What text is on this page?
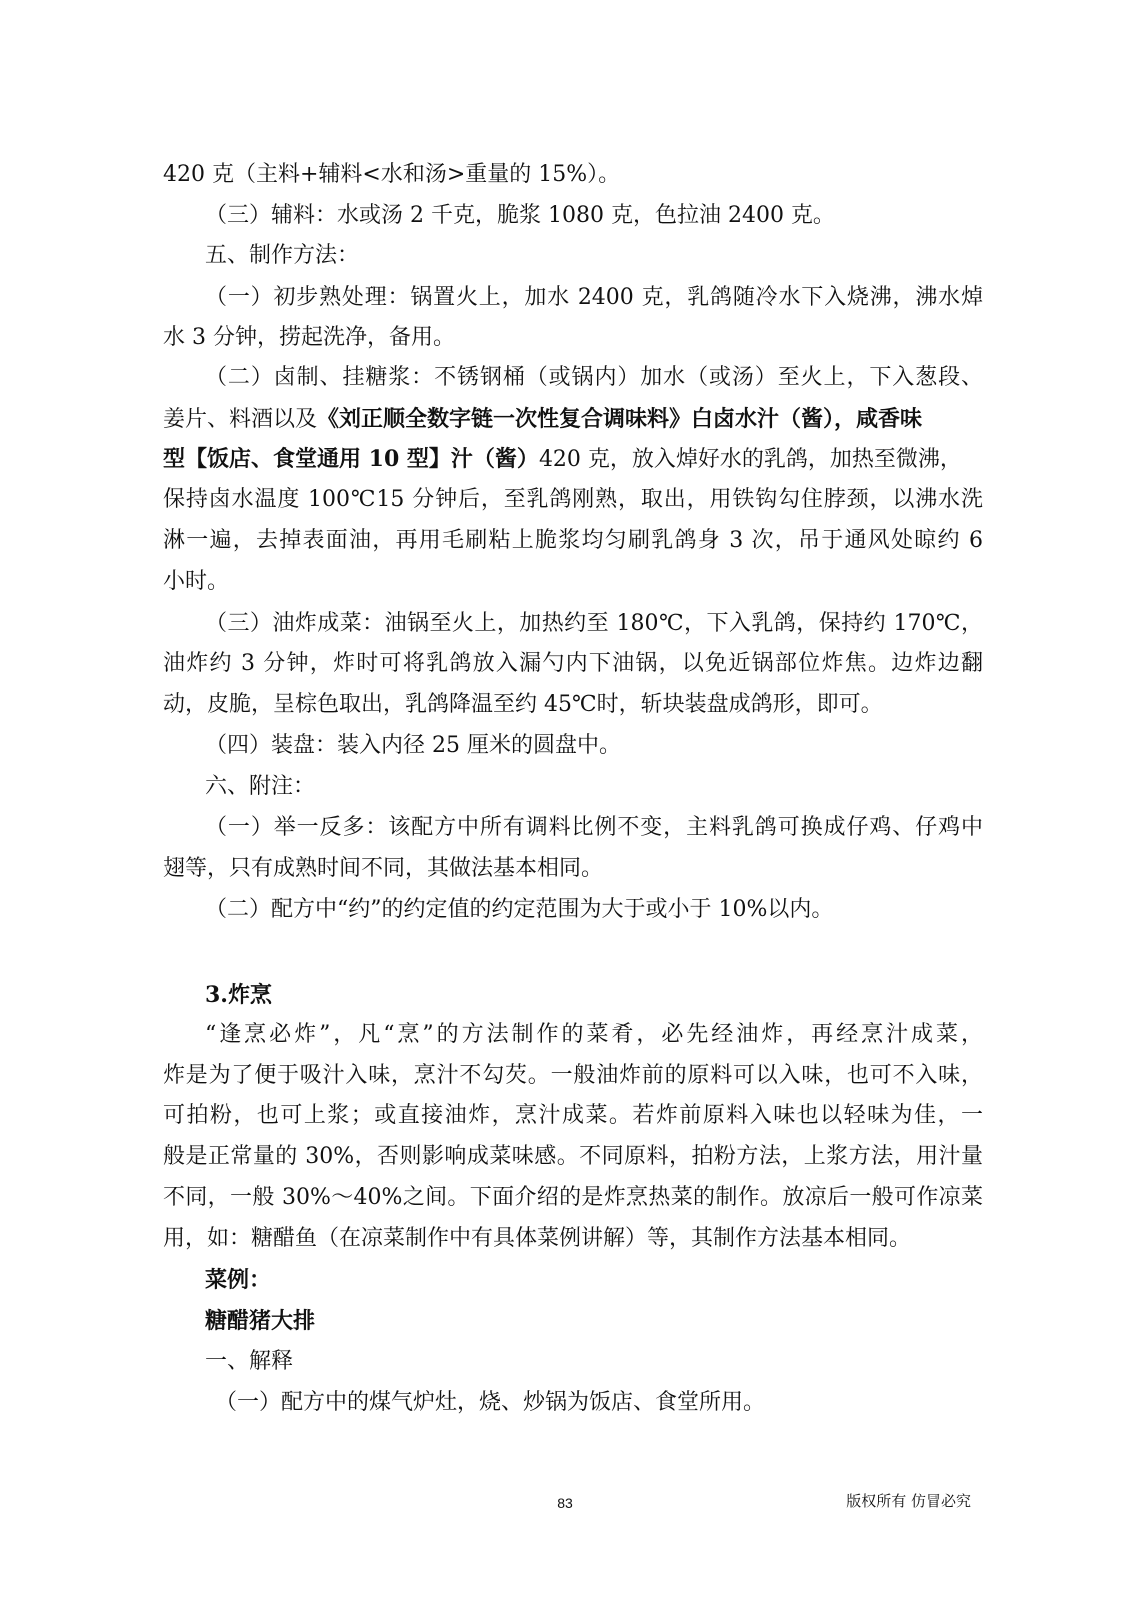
420 克（主料+辅料<水和汤>重量的 15%）。
（三）辅料：水或汤 2 千克，脆浆 1080 克，色拉油 2400 克。
五、制作方法：
（一）初步熟处理：锅置火上，加水 2400 克，乳鸽随冷水下入烧沸，沸水焯
水 3 分钟，捞起洗净，备用。
（二）卤制、挂糖浆：不锈钢桶（或锅内）加水（或汤）至火上，下入葱段、
姜片、料酒以及《刘正顺全数字链一次性复合调味料》白卤水汁（酱），咸香味
型【饭店、食堂通用 10 型】汁（酱）420 克，放入焯好水的乳鸽，加热至微沸，
保持卤水温度 100℃15 分钟后，至乳鸽刚熟，取出，用铁钩勾住脖颈，以沸水洗
淋一遍，去掉表面油，再用毛刷粘上脆浆均匀刷乳鸽身 3 次，吊于通风处晾约 6
小时。
（三）油炸成菜：油锅至火上，加热约至 180℃，下入乳鸽，保持约 170℃，
油炸约 3 分钟，炸时可将乳鸽放入漏勺内下油锅，以免近锅部位炸焦。边炸边翻
动，皮脆，呈棕色取出，乳鸽降温至约 45℃时，斩块装盘成鸽形，即可。
（四）装盘：装入内径 25 厘米的圆盘中。
六、附注：
（一）举一反多：该配方中所有调料比例不变，主料乳鸽可换成仔鸡、仔鸡中
翅等，只有成熟时间不同，其做法基本相同。
（二）配方中“约”的约定值的约定范围为大于或小于 10%以内。
3.炸烹
“逢烹必炸”，凡“烹”的方法制作的菜肴，必先经油炸，再经烹汁成菜，
炸是为了便于吸汁入味，烹汁不勾芡。一般油炸前的原料可以入味，也可不入味，
可拍粉，也可上浆；或直接油炸，烹汁成菜。若炸前原料入味也以轻味为佳，一
般是正常量的 30%，否则影响成菜味感。不同原料，拍粉方法，上浆方法，用汁量
不同，一般 30%～40%之间。下面介绍的是炸烹热菜的制作。放凉后一般可作凉菜
用，如：糖醋鱼（在凉菜制作中有具体菜例讲解）等，其制作方法基本相同。
菜例：
糖醋猪大排
一、解释
（一）配方中的煤气炉灶，烧、炒锅为饭店、食堂所用。
83	版权所有 仿冒必究
